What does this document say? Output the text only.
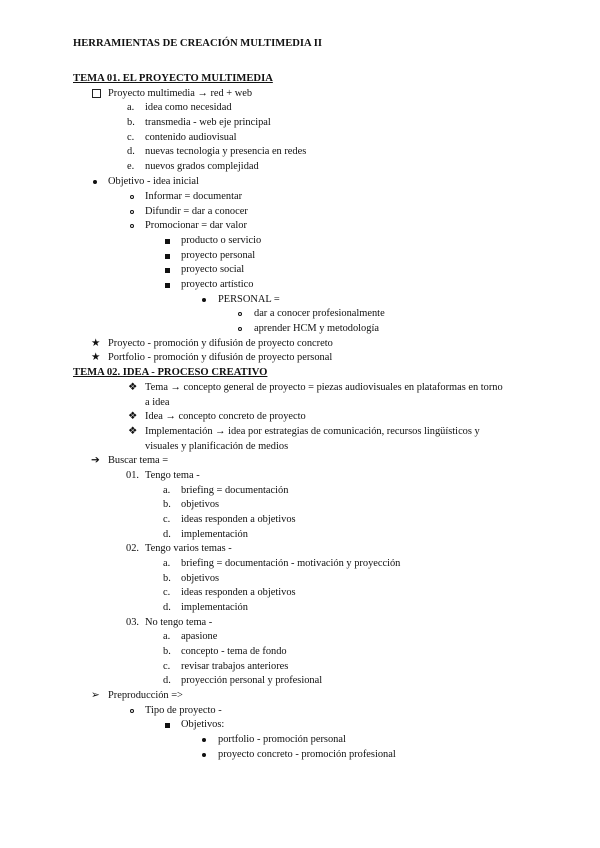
HERRAMIENTAS DE CREACIÓN MULTIMEDIA II
TEMA 01. EL PROYECTO MULTIMEDIA
Proyecto multimedia → red + web
a. idea como necesidad
b. transmedia - web eje principal
c. contenido audiovisual
d. nuevas tecnologia y presencia en redes
e. nuevos grados complejidad
Objetivo - idea inicial
Informar = documentar
Difundir = dar a conocer
Promocionar = dar valor
producto o servicio
proyecto personal
proyecto social
proyecto artístico
PERSONAL =
dar a conocer profesionalmente
aprender HCM y metodología
★ Proyecto - promoción y difusión de proyecto concreto
★ Portfolio - promoción y difusión de proyecto personal
TEMA 02. IDEA - PROCESO CREATIVO
❖ Tema → concepto general de proyecto = piezas audiovisuales en plataformas en torno
a idea
❖ Idea → concepto concreto de proyecto
❖ Implementación → idea por estrategias de comunicación, recursos lingüísticos y
visuales y planificación de medios
➔ Buscar tema =
01. Tengo tema -
a. briefing = documentación
b. objetivos
c. ideas responden a objetivos
d. implementación
02. Tengo varios temas -
a. briefing = documentación - motivación y proyección
b. objetivos
c. ideas responden a objetivos
d. implementación
03. No tengo tema -
a. apasione
b. concepto - tema de fondo
c. revisar trabajos anteriores
d. proyección personal y profesional
➢ Preproducción =>
Tipo de proyecto -
Objetivos:
portfolio - promoción personal
proyecto concreto - promoción profesional
